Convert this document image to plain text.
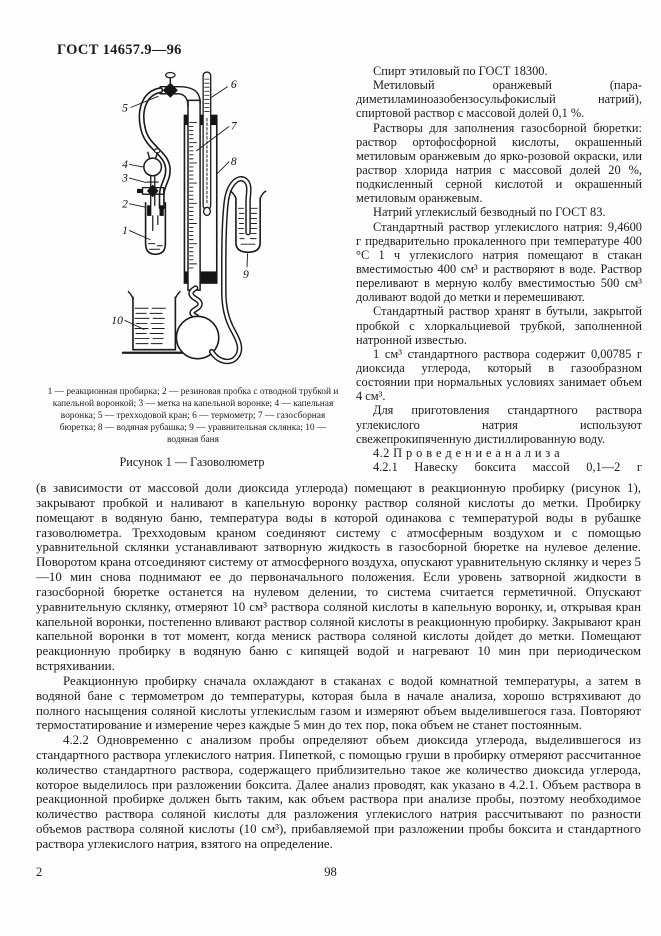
ГОСТ 14657.9—96
5
6
7
8
4
3
2
1
9
10
1 — реакционная пробирка; 2 — резиновая пробка с отводной трубкой и капельной воронкой; 3 — метка на капельной воронке; 4 — капельная воронка; 5 — трехходовой кран; 6 — термометр; 7 — газосборная бюретка; 8 — водяная рубашка; 9 — уравнительная склянка; 10 — водяная баня
Рисунок 1 — Газоволюметр

Спирт этиловый по ГОСТ 18300.

Метиловый оранжевый (пара-диметиламиноазобензосульфокислый натрий), спиртовой раствор с массовой долей 0,1 %.

Растворы для заполнения газосборной бюретки: раствор ортофосфорной кислоты, окрашенный метиловым оранжевым до ярко-розовой окраски, или раствор хлорида натрия с массовой долей 20 %, подкисленный серной кислотой и окрашенный метиловым оранжевым.

Натрий углекислый безводный по ГОСТ 83.

Стандартный раствор углекислого натрия: 9,4600 г предварительно прокаленного при температуре 400 °С 1 ч углекислого натрия помещают в стакан вместимостью 400 см³ и растворяют в воде. Раствор переливают в мерную колбу вместимостью 500 см³ доливают водой до метки и перемешивают.

Стандартный раствор хранят в бутыли, закрытой пробкой с хлоркальциевой трубкой, заполненной натронной известью.

1 см³ стандартного раствора содержит 0,00785 г диоксида углерода, который в газообразном состоянии при нормальных условиях занимает объем 4 см³.

Для приготовления стандартного раствора углекислого натрия используют свежепрокипяченную дистиллированную воду.

4.2 П р о в е д е н и е а н а л и з а

4.2.1 Навеску боксита массой 0,1—2 г

(в зависимости от массовой доли диоксида углерода) помещают в реакционную пробирку (рисунок 1), закрывают пробкой и наливают в капельную воронку раствор соляной кислоты до метки. Пробирку помещают в водяную баню, температура воды в которой одинакова с температурой воды в рубашке газоволюметра. Трехходовым краном соединяют систему с атмосферным воздухом и с помощью уравнительной склянки устанавливают затворную жидкость в газосборной бюретке на нулевое деление. Поворотом крана отсоединяют систему от атмосферного воздуха, опускают уравнительную склянку и через 5—10 мин снова поднимают ее до первоначального положения. Если уровень затворной жидкости в газосборной бюретке останется на нулевом делении, то система считается герметичной. Опускают уравнительную склянку, отмеряют 10 см³ раствора соляной кислоты в капельную воронку, и, открывая кран капельной воронки, постепенно вливают раствор соляной кислоты в реакционную пробирку. Закрывают кран капельной воронки в тот момент, когда мениск раствора соляной кислоты дойдет до метки. Помещают реакционную пробирку в водяную баню с кипящей водой и нагревают 10 мин при периодическом встряхивании.

Реакционную пробирку сначала охлаждают в стаканах с водой комнатной температуры, а затем в водяной бане с термометром до температуры, которая была в начале анализа, хорошо встряхивают до полного насыщения соляной кислоты углекислым газом и измеряют объем выделившегося газа. Повторяют термостатирование и измерение через каждые 5 мин до тех пор, пока объем не станет постоянным.

4.2.2 Одновременно с анализом пробы определяют объем диоксида углерода, выделившегося из стандартного раствора углекислого натрия. Пипеткой, с помощью груши в пробирку отмеряют рассчитанное количество стандартного раствора, содержащего приблизительно такое же количество диоксида углерода, которое выделилось при разложении боксита. Далее анализ проводят, как указано в 4.2.1. Объем раствора в реакционной пробирке должен быть таким, как объем раствора при анализе пробы, поэтому необходимое количество раствора соляной кислоты для разложения углекислого натрия рассчитывают по разности объемов раствора соляной кислоты (10 см³), прибавляемой при разложении пробы боксита и стандартного раствора углекислого натрия, взятого на определение.

2	98
